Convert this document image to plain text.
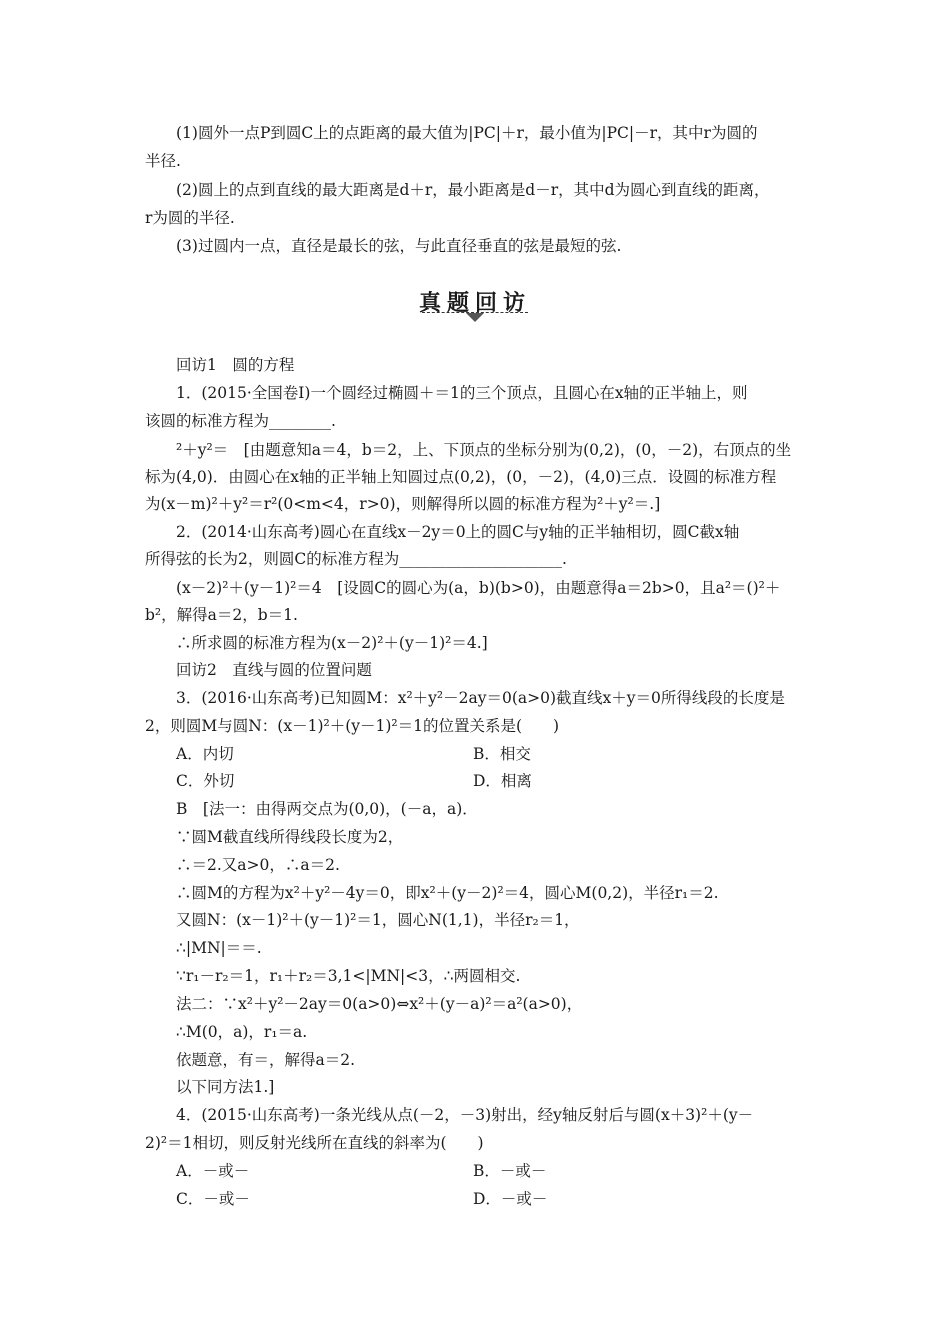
(1)圆外一点P到圆C上的点距离的最大值为|PC|＋r，最小值为|PC|－r，其中r为圆的
半径.
(2)圆上的点到直线的最大距离是d＋r，最小距离是d－r，其中d为圆心到直线的距离，
r为圆的半径.
(3)过圆内一点，直径是最长的弦，与此直径垂直的弦是最短的弦.
真题回访
回访1　圆的方程
1．(2015·全国卷Ⅰ)一个圆经过椭圆＋＝1的三个顶点，且圆心在x轴的正半轴上，则
该圆的标准方程为________.
²＋y²＝　[由题意知a＝4，b＝2，上、下顶点的坐标分别为(0,2)，(0，－2)，右顶点的坐
标为(4,0)．由圆心在x轴的正半轴上知圆过点(0,2)，(0，－2)，(4,0)三点．设圆的标准方程
为(x－m)²＋y²＝r²(0<m<4，r>0)，则解得所以圆的标准方程为²＋y²＝.]
2．(2014·山东高考)圆心在直线x－2y＝0上的圆C与y轴的正半轴相切，圆C截x轴
所得弦的长为2，则圆C的标准方程为_____________________.
(x－2)²＋(y－1)²＝4　[设圆C的圆心为(a，b)(b>0)，由题意得a＝2b>0，且a²＝()²＋
b²，解得a＝2，b＝1.
∴所求圆的标准方程为(x－2)²＋(y－1)²＝4.]
回访2　直线与圆的位置问题
3．(2016·山东高考)已知圆M：x²＋y²－2ay＝0(a>0)截直线x＋y＝0所得线段的长度是
2，则圆M与圆N：(x－1)²＋(y－1)²＝1的位置关系是(　　)
A．内切	B．相交
C．外切	D．相离
B　[法一：由得两交点为(0,0)，(－a，a)．
∵圆M截直线所得线段长度为2，
∴＝2.又a>0，∴a＝2.
∴圆M的方程为x²＋y²－4y＝0，即x²＋(y－2)²＝4，圆心M(0,2)，半径r₁＝2.
又圆N：(x－1)²＋(y－1)²＝1，圆心N(1,1)，半径r₂＝1，
∴|MN|＝＝.
∵r₁－r₂＝1，r₁＋r₂＝3,1<|MN|<3，∴两圆相交.
法二：∵x²＋y²－2ay＝0(a>0)⇔x²＋(y－a)²＝a²(a>0)，
∴M(0，a)，r₁＝a.
依题意，有＝，解得a＝2.
以下同方法1.]
4．(2015·山东高考)一条光线从点(－2，－3)射出，经y轴反射后与圆(x＋3)²＋(y－
2)²＝1相切，则反射光线所在直线的斜率为(　　)
A．－或－	B．－或－
C．－或－	D．－或－
